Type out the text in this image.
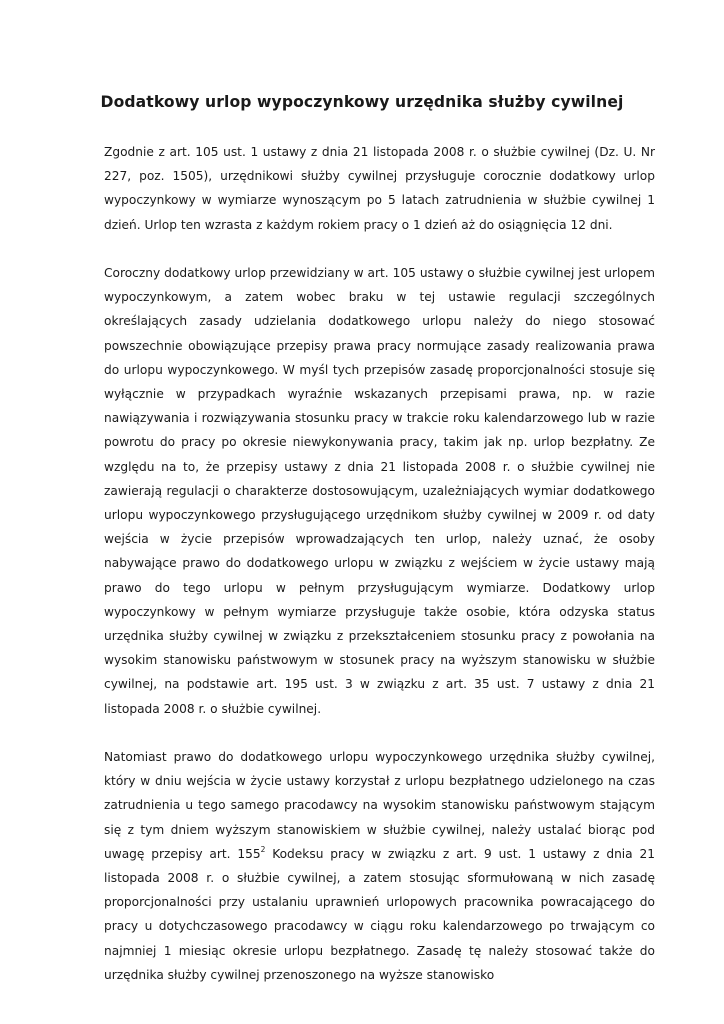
Dodatkowy urlop wypoczynkowy urzędnika służby cywilnej

Zgodnie z art. 105 ust. 1 ustawy z dnia 21 listopada 2008 r. o służbie cywilnej (Dz. U. Nr 227, poz. 1505), urzędnikowi służby cywilnej przysługuje corocznie dodatkowy urlop wypoczynkowy w wymiarze wynoszącym po 5 latach zatrudnienia w służbie cywilnej 1 dzień. Urlop ten wzrasta z każdym rokiem pracy o 1 dzień aż do osiągnięcia 12 dni.

Coroczny dodatkowy urlop przewidziany w art. 105 ustawy o służbie cywilnej jest urlopem wypoczynkowym, a zatem wobec braku w tej ustawie regulacji szczególnych określających zasady udzielania dodatkowego urlopu należy do niego stosować powszechnie obowiązujące przepisy prawa pracy normujące zasady realizowania prawa do urlopu wypoczynkowego. W myśl tych przepisów zasadę proporcjonalności stosuje się wyłącznie w przypadkach wyraźnie wskazanych przepisami prawa, np. w razie nawiązywania i rozwiązywania stosunku pracy w trakcie roku kalendarzowego lub w razie powrotu do pracy po okresie niewykonywania pracy, takim jak np. urlop bezpłatny. Ze względu na to, że przepisy ustawy z dnia 21 listopada 2008 r. o służbie cywilnej nie zawierają regulacji o charakterze dostosowującym, uzależniających wymiar dodatkowego urlopu wypoczynkowego przysługującego urzędnikom służby cywilnej w 2009 r. od daty wejścia w życie przepisów wprowadzających ten urlop, należy uznać, że osoby nabywające prawo do dodatkowego urlopu w związku z wejściem w życie ustawy mają prawo do tego urlopu w pełnym przysługującym wymiarze. Dodatkowy urlop wypoczynkowy w pełnym wymiarze przysługuje także osobie, która odzyska status urzędnika służby cywilnej w związku z przekształceniem stosunku pracy z powołania na wysokim stanowisku państwowym w stosunek pracy na wyższym stanowisku w służbie cywilnej, na podstawie art. 195 ust. 3 w związku z art. 35 ust. 7 ustawy z dnia 21 listopada 2008 r. o służbie cywilnej.

Natomiast prawo do dodatkowego urlopu wypoczynkowego urzędnika służby cywilnej, który w dniu wejścia w życie ustawy korzystał z urlopu bezpłatnego udzielonego na czas zatrudnienia u tego samego pracodawcy na wysokim stanowisku państwowym stającym się z tym dniem wyższym stanowiskiem w służbie cywilnej, należy ustalać biorąc pod uwagę przepisy art. $155^2$ Kodeksu pracy w związku z art. 9 ust. 1 ustawy z dnia 21 listopada 2008 r. o służbie cywilnej, a zatem stosując sformułowaną w nich zasadę proporcjonalności przy ustalaniu uprawnień urlopowych pracownika powracającego do pracy u dotychczasowego pracodawcy w ciągu roku kalendarzowego po trwającym co najmniej 1 miesiąc okresie urlopu bezpłatnego. Zasadę tę należy stosować także do urzędnika służby cywilnej przenoszonego na wyższe stanowisko
